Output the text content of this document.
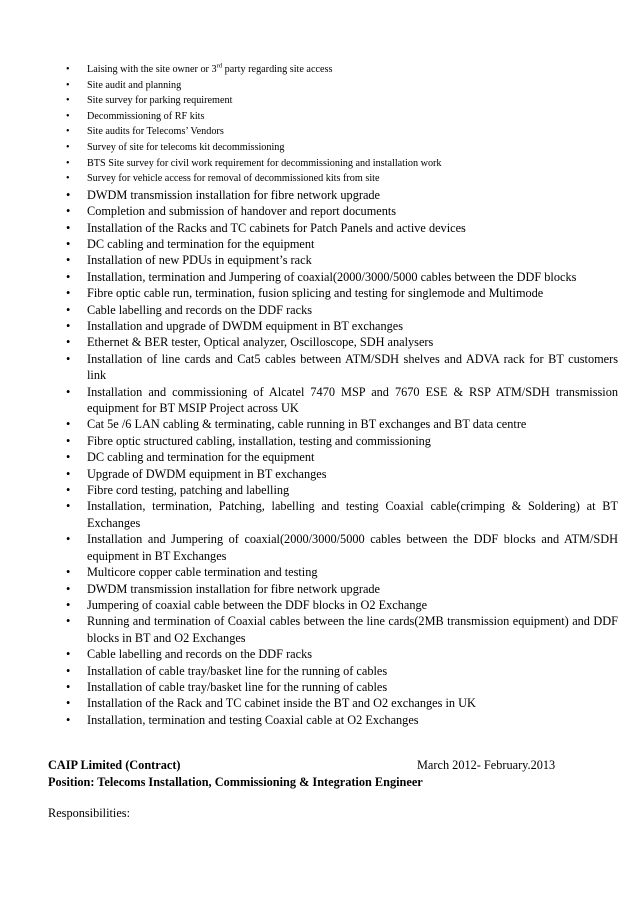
•	Laising with the site owner or 3rd party regarding site access
•	Site audit and planning
•	Site survey for parking requirement
•	Decommissioning of RF kits
•	Site audits for Telecoms’ Vendors
•	Survey of site for telecoms kit decommissioning
•	BTS Site survey for civil work requirement for decommissioning and installation work
•	Survey for vehicle access for removal of decommissioned kits from site
•	DWDM transmission installation for fibre network upgrade
•	Completion and submission of handover and report documents
•	Installation of the Racks and TC cabinets for Patch Panels and active devices
•	DC cabling and termination for the equipment
•	Installation of new PDUs in equipment’s rack
•	Installation, termination and Jumpering of coaxial(2000/3000/5000 cables between the DDF blocks
•	Fibre optic cable run, termination, fusion splicing and testing for singlemode and Multimode
•	Cable labelling and records on the DDF racks
•	Installation and upgrade of DWDM equipment in BT exchanges
•	Ethernet & BER tester, Optical analyzer, Oscilloscope, SDH analysers
•	Installation of line cards and Cat5 cables between ATM/SDH shelves and ADVA rack for BT customers link
•	Installation and commissioning of Alcatel 7470 MSP and 7670 ESE & RSP ATM/SDH transmission equipment for BT MSIP Project across UK
•	Cat 5e /6 LAN cabling & terminating, cable running in BT exchanges and BT data centre
•	Fibre optic structured cabling, installation, testing and commissioning
•	DC cabling and termination for the equipment
•	Upgrade of DWDM equipment in BT exchanges
•	Fibre cord testing, patching and labelling
•	Installation, termination, Patching, labelling and testing Coaxial cable(crimping & Soldering) at BT Exchanges
•	Installation and Jumpering of coaxial(2000/3000/5000 cables between the DDF blocks and ATM/SDH equipment in BT Exchanges
•	Multicore copper cable termination and testing
•	DWDM transmission installation for fibre network upgrade
•	Jumpering of coaxial cable between the DDF blocks in O2 Exchange
•	Running and termination of Coaxial cables between the line cards(2MB transmission equipment) and DDF blocks in BT and O2 Exchanges
•	Cable labelling and records on the DDF racks
•	Installation of cable tray/basket line for the running of cables
•	Installation of cable tray/basket line for the running of cables
•	Installation of the Rack and TC cabinet inside the BT and O2 exchanges in UK
•	Installation, termination and testing Coaxial cable at O2 Exchanges
CAIP Limited (Contract)	March 2012- February.2013
Position: Telecoms Installation, Commissioning & Integration Engineer
Responsibilities:
